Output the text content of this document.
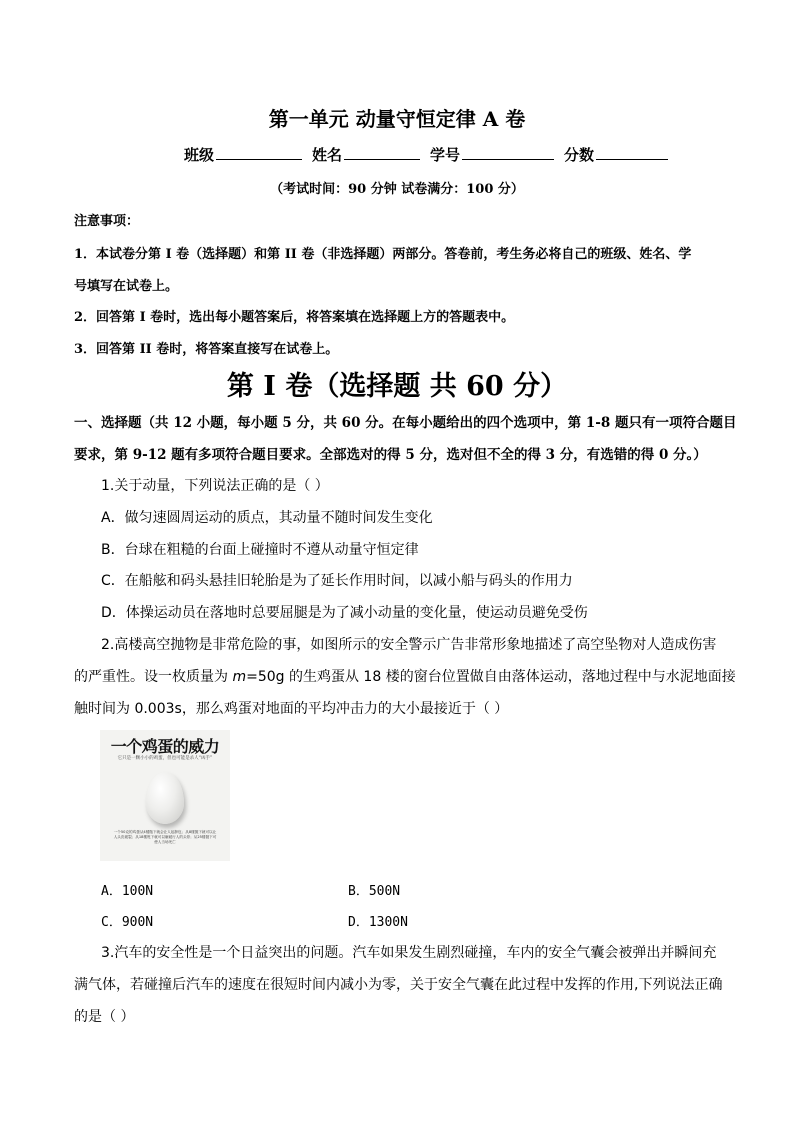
第一单元 动量守恒定律 A 卷
班级	姓名	学号	分数
（考试时间：90 分钟 试卷满分：100 分）
注意事项：
1．本试卷分第 I 卷（选择题）和第 II 卷（非选择题）两部分。答卷前，考生务必将自己的班级、姓名、学
号填写在试卷上。
2．回答第 I 卷时，选出每小题答案后，将答案填在选择题上方的答题表中。
3．回答第 II 卷时，将答案直接写在试卷上。
第 I 卷（选择题 共 60 分）
一、选择题（共 12 小题，每小题 5 分，共 60 分。在每小题给出的四个选项中，第 1-8 题只有一项符合题目
要求，第 9-12 题有多项符合题目要求。全部选对的得 5 分，选对但不全的得 3 分，有选错的得 0 分。）
1.关于动量，下列说法正确的是（ ）
A．做匀速圆周运动的质点，其动量不随时间发生变化
B．台球在粗糙的台面上碰撞时不遵从动量守恒定律
C．在船舷和码头悬挂旧轮胎是为了延长作用时间，以减小船与码头的作用力
D．体操运动员在落地时总要屈腿是为了减小动量的变化量，使运动员避免受伤
2.高楼高空抛物是非常危险的事，如图所示的安全警示广告非常形象地描述了高空坠物对人造成伤害
的严重性。设一枚质量为 m=50g 的生鸡蛋从 18 楼的窗台位置做自由落体运动，落地过程中与水泥地面接
触时间为 0.003s，那么鸡蛋对地面的平均冲击力的大小最接近于（ ）
一个鸡蛋的威力
它只是一颗小小的鸡蛋，但也可能是杀人“凶手”
一个50克的鸡蛋从4楼抛下就会让人起肿包；从8楼抛下就可以让人头皮破裂；从18楼甩下就可以砸破行人的头骨；从25楼抛下可使人当场死亡
A．100N	B．500N
C．900N	D．1300N
3.汽车的安全性是一个日益突出的问题。汽车如果发生剧烈碰撞，车内的安全气囊会被弹出并瞬间充
满气体，若碰撞后汽车的速度在很短时间内减小为零，关于安全气囊在此过程中发挥的作用,下列说法正确
的是（ ）
